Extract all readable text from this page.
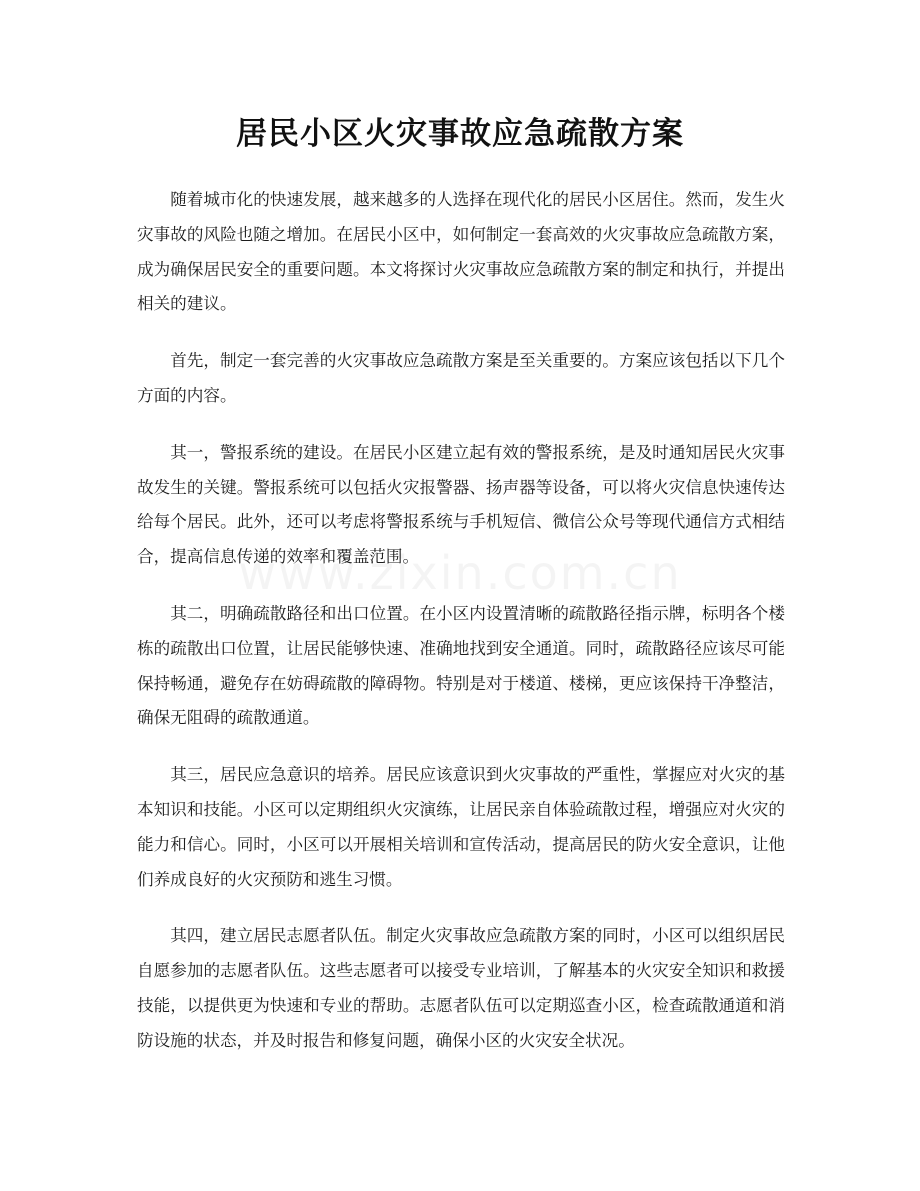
居民小区火灾事故应急疏散方案

随着城市化的快速发展，越来越多的人选择在现代化的居民小区居住。然而，发生火灾事故的风险也随之增加。在居民小区中，如何制定一套高效的火灾事故应急疏散方案，成为确保居民安全的重要问题。本文将探讨火灾事故应急疏散方案的制定和执行，并提出相关的建议。

首先，制定一套完善的火灾事故应急疏散方案是至关重要的。方案应该包括以下几个方面的内容。

其一，警报系统的建设。在居民小区建立起有效的警报系统，是及时通知居民火灾事故发生的关键。警报系统可以包括火灾报警器、扬声器等设备，可以将火灾信息快速传达给每个居民。此外，还可以考虑将警报系统与手机短信、微信公众号等现代通信方式相结合，提高信息传递的效率和覆盖范围。

其二，明确疏散路径和出口位置。在小区内设置清晰的疏散路径指示牌，标明各个楼栋的疏散出口位置，让居民能够快速、准确地找到安全通道。同时，疏散路径应该尽可能保持畅通，避免存在妨碍疏散的障碍物。特别是对于楼道、楼梯，更应该保持干净整洁，确保无阻碍的疏散通道。

其三，居民应急意识的培养。居民应该意识到火灾事故的严重性，掌握应对火灾的基本知识和技能。小区可以定期组织火灾演练，让居民亲自体验疏散过程，增强应对火灾的能力和信心。同时，小区可以开展相关培训和宣传活动，提高居民的防火安全意识，让他们养成良好的火灾预防和逃生习惯。

其四，建立居民志愿者队伍。制定火灾事故应急疏散方案的同时，小区可以组织居民自愿参加的志愿者队伍。这些志愿者可以接受专业培训，了解基本的火灾安全知识和救援技能，以提供更为快速和专业的帮助。志愿者队伍可以定期巡查小区，检查疏散通道和消防设施的状态，并及时报告和修复问题，确保小区的火灾安全状况。
